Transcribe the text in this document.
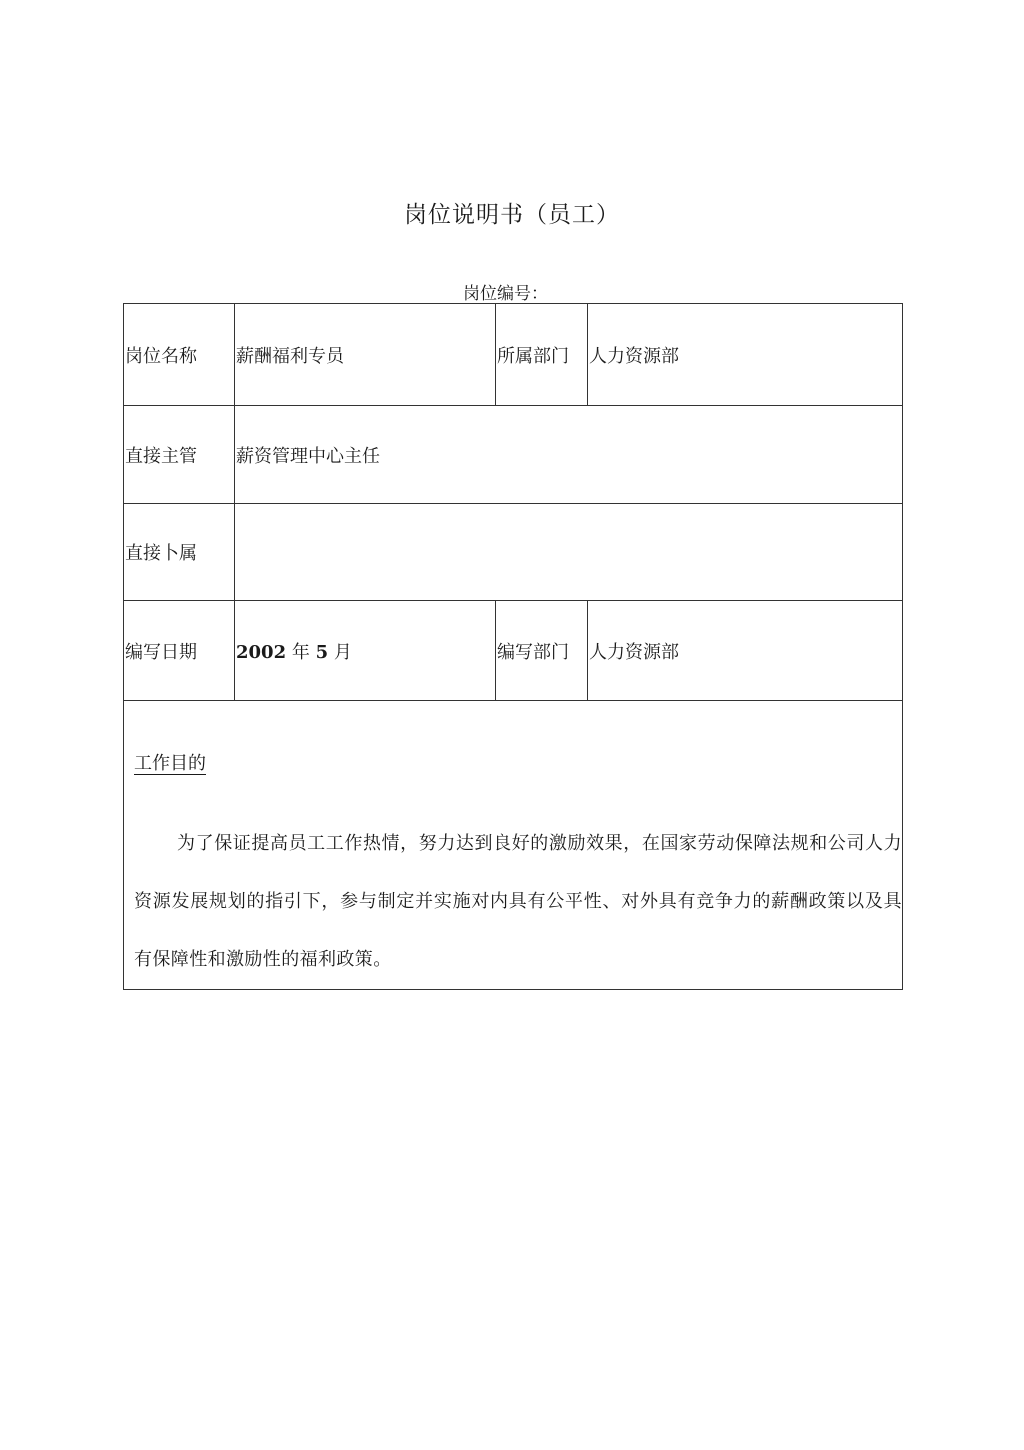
岗位说明书（员工）
岗位编号：
岗位名称	薪酬福利专员	所属部门	人力资源部
直接主管	薪资管理中心主任		
直接卜属			
编写日期	2002 年 5 月	编写部门	人力资源部
工作目的
为了保证提高员工工作热情，努力达到良好的激励效果，在国家劳动保障法规和公司人力资源发展规划的指引下，参与制定并实施对内具有公平性、对外具有竞争力的薪酬政策以及具有保障性和激励性的福利政策。			
